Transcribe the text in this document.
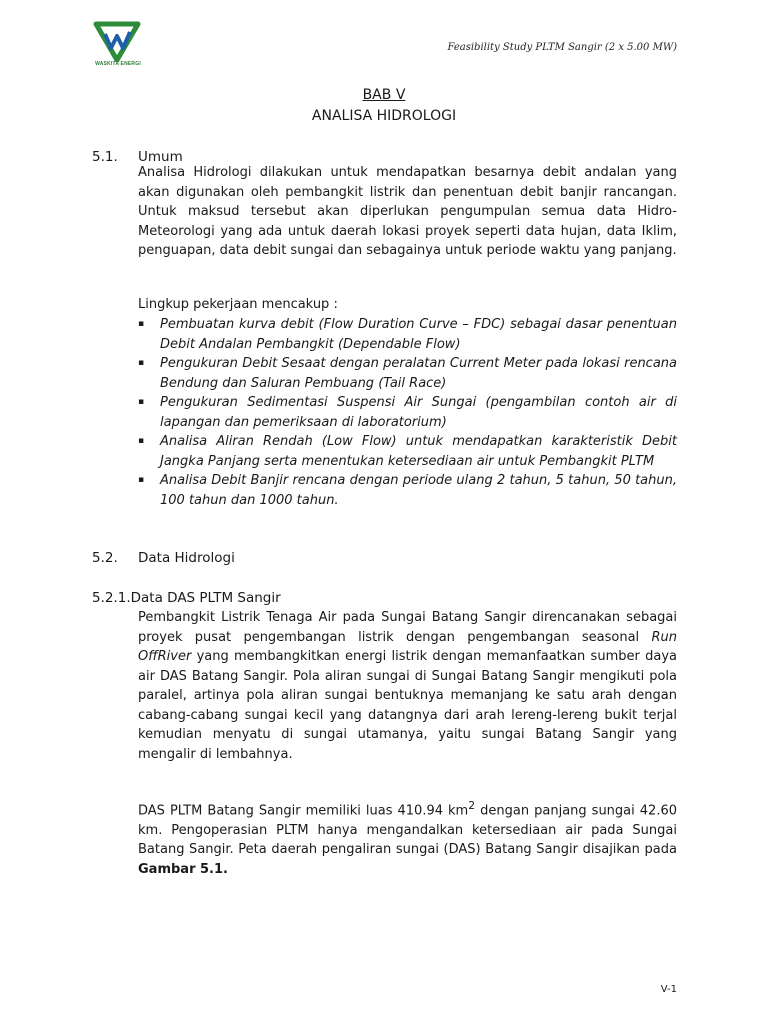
WASKITA ENERGI
Feasibility Study PLTM Sangir (2 x 5.00 MW)
BAB V
ANALISA HIDROLOGI
5.1. Umum

Analisa Hidrologi dilakukan untuk mendapatkan besarnya debit andalan yang akan digunakan oleh pembangkit listrik dan penentuan debit banjir rancangan. Untuk maksud tersebut akan diperlukan pengumpulan semua data Hidro-Meteorologi yang ada untuk daerah lokasi proyek seperti data hujan, data Iklim, penguapan, data debit sungai dan sebagainya untuk periode waktu yang panjang.

Lingkup pekerjaan mencakup :

▪ Pembuatan kurva debit (Flow Duration Curve – FDC) sebagai dasar penentuan Debit Andalan Pembangkit (Dependable Flow)
▪ Pengukuran Debit Sesaat dengan peralatan Current Meter pada lokasi rencana Bendung dan Saluran Pembuang (Tail Race)
▪ Pengukuran Sedimentasi Suspensi Air Sungai (pengambilan contoh air di lapangan dan pemeriksaan di laboratorium)
▪ Analisa Aliran Rendah (Low Flow) untuk mendapatkan karakteristik Debit Jangka Panjang serta menentukan ketersediaan air untuk Pembangkit PLTM
▪ Analisa Debit Banjir rencana dengan periode ulang 2 tahun, 5 tahun, 50 tahun, 100 tahun dan 1000 tahun.
5.2. Data Hidrologi
5.2.1.Data DAS PLTM Sangir

Pembangkit Listrik Tenaga Air pada Sungai Batang Sangir direncanakan sebagai proyek pusat pengembangan listrik dengan pengembangan seasonal Run OffRiver yang membangkitkan energi listrik dengan memanfaatkan sumber daya air DAS Batang Sangir. Pola aliran sungai di Sungai Batang Sangir mengikuti pola paralel, artinya pola aliran sungai bentuknya memanjang ke satu arah dengan cabang-cabang sungai kecil yang datangnya dari arah lereng-lereng bukit terjal kemudian menyatu di sungai utamanya, yaitu sungai Batang Sangir yang mengalir di lembahnya.

DAS PLTM Batang Sangir memiliki luas 410.94 $km^2$ dengan panjang sungai 42.60 km. Pengoperasian PLTM hanya mengandalkan ketersediaan air pada Sungai Batang Sangir. Peta daerah pengaliran sungai (DAS) Batang Sangir disajikan pada Gambar 5.1.

V-1
